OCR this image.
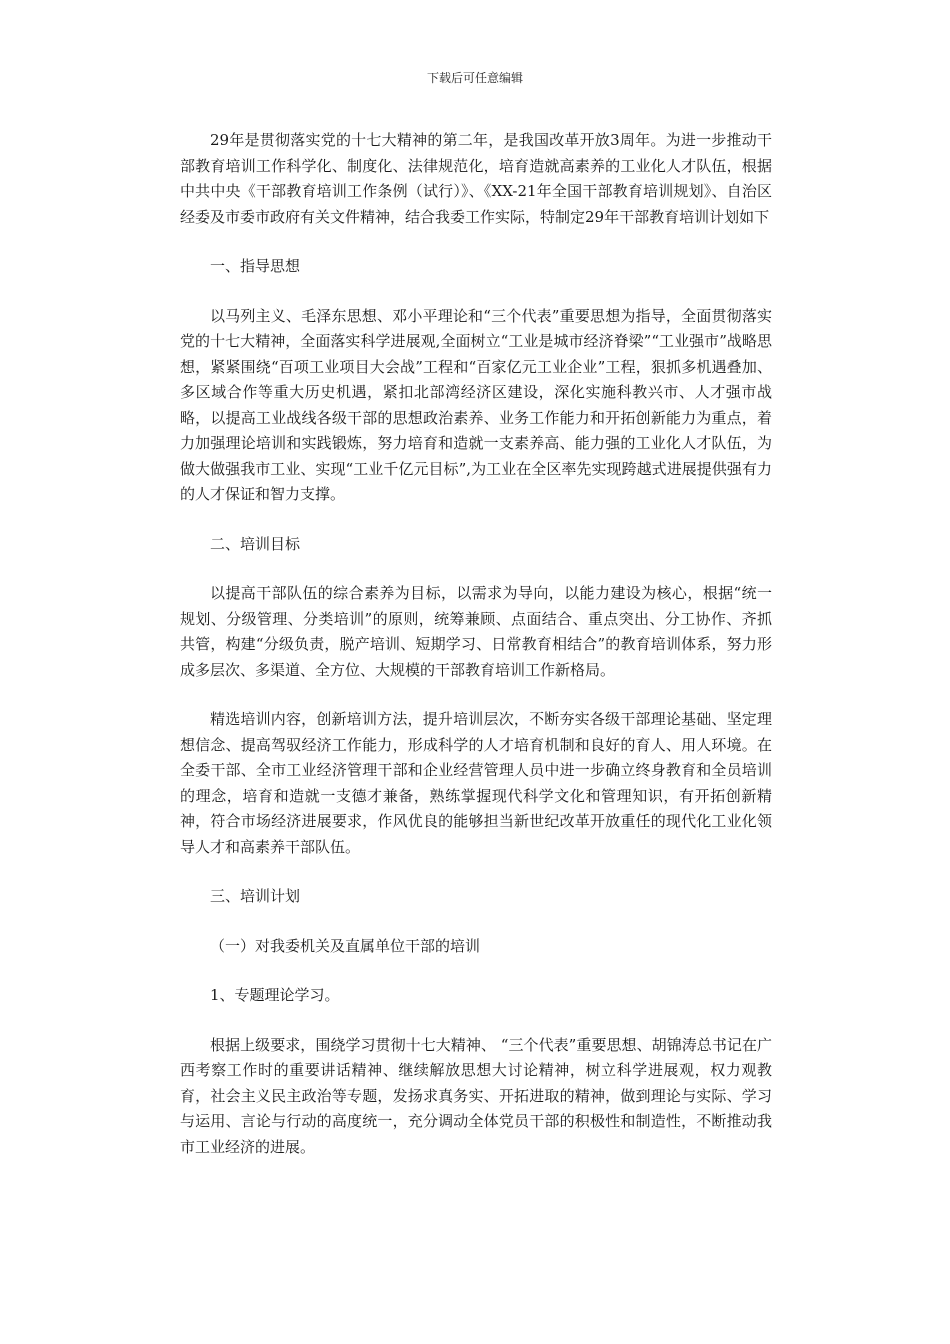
下载后可任意编辑

29年是贯彻落实党的十七大精神的第二年，是我国改革开放3周年。为进一步推动干部教育培训工作科学化、制度化、法律规范化，培育造就高素养的工业化人才队伍，根据中共中央《干部教育培训工作条例（试行）》、《XX-21年全国干部教育培训规划》、自治区经委及市委市政府有关文件精神，结合我委工作实际，特制定29年干部教育培训计划如下

一、指导思想

以马列主义、毛泽东思想、邓小平理论和“三个代表”重要思想为指导，全面贯彻落实党的十七大精神，全面落实科学进展观,全面树立“工业是城市经济脊梁”“工业强市”战略思想，紧紧围绕“百项工业项目大会战”工程和“百家亿元工业企业”工程，狠抓多机遇叠加、多区域合作等重大历史机遇，紧扣北部湾经济区建设，深化实施科教兴市、人才强市战略，以提高工业战线各级干部的思想政治素养、业务工作能力和开拓创新能力为重点，着力加强理论培训和实践锻炼，努力培育和造就一支素养高、能力强的工业化人才队伍，为做大做强我市工业、实现“工业千亿元目标”,为工业在全区率先实现跨越式进展提供强有力的人才保证和智力支撑。

二、培训目标

以提高干部队伍的综合素养为目标，以需求为导向，以能力建设为核心，根据“统一规划、分级管理、分类培训”的原则，统筹兼顾、点面结合、重点突出、分工协作、齐抓共管，构建“分级负责，脱产培训、短期学习、日常教育相结合”的教育培训体系，努力形成多层次、多渠道、全方位、大规模的干部教育培训工作新格局。

精选培训内容，创新培训方法，提升培训层次，不断夯实各级干部理论基础、坚定理想信念、提高驾驭经济工作能力，形成科学的人才培育机制和良好的育人、用人环境。在全委干部、全市工业经济管理干部和企业经营管理人员中进一步确立终身教育和全员培训的理念，培育和造就一支德才兼备，熟练掌握现代科学文化和管理知识，有开拓创新精神，符合市场经济进展要求，作风优良的能够担当新世纪改革开放重任的现代化工业化领导人才和高素养干部队伍。

三、培训计划

（一）对我委机关及直属单位干部的培训

1、专题理论学习。

根据上级要求，围绕学习贯彻十七大精神、 “三个代表”重要思想、胡锦涛总书记在广西考察工作时的重要讲话精神、继续解放思想大讨论精神，树立科学进展观，权力观教育，社会主义民主政治等专题，发扬求真务实、开拓进取的精神，做到理论与实际、学习与运用、言论与行动的高度统一，充分调动全体党员干部的积极性和制造性，不断推动我市工业经济的进展。
